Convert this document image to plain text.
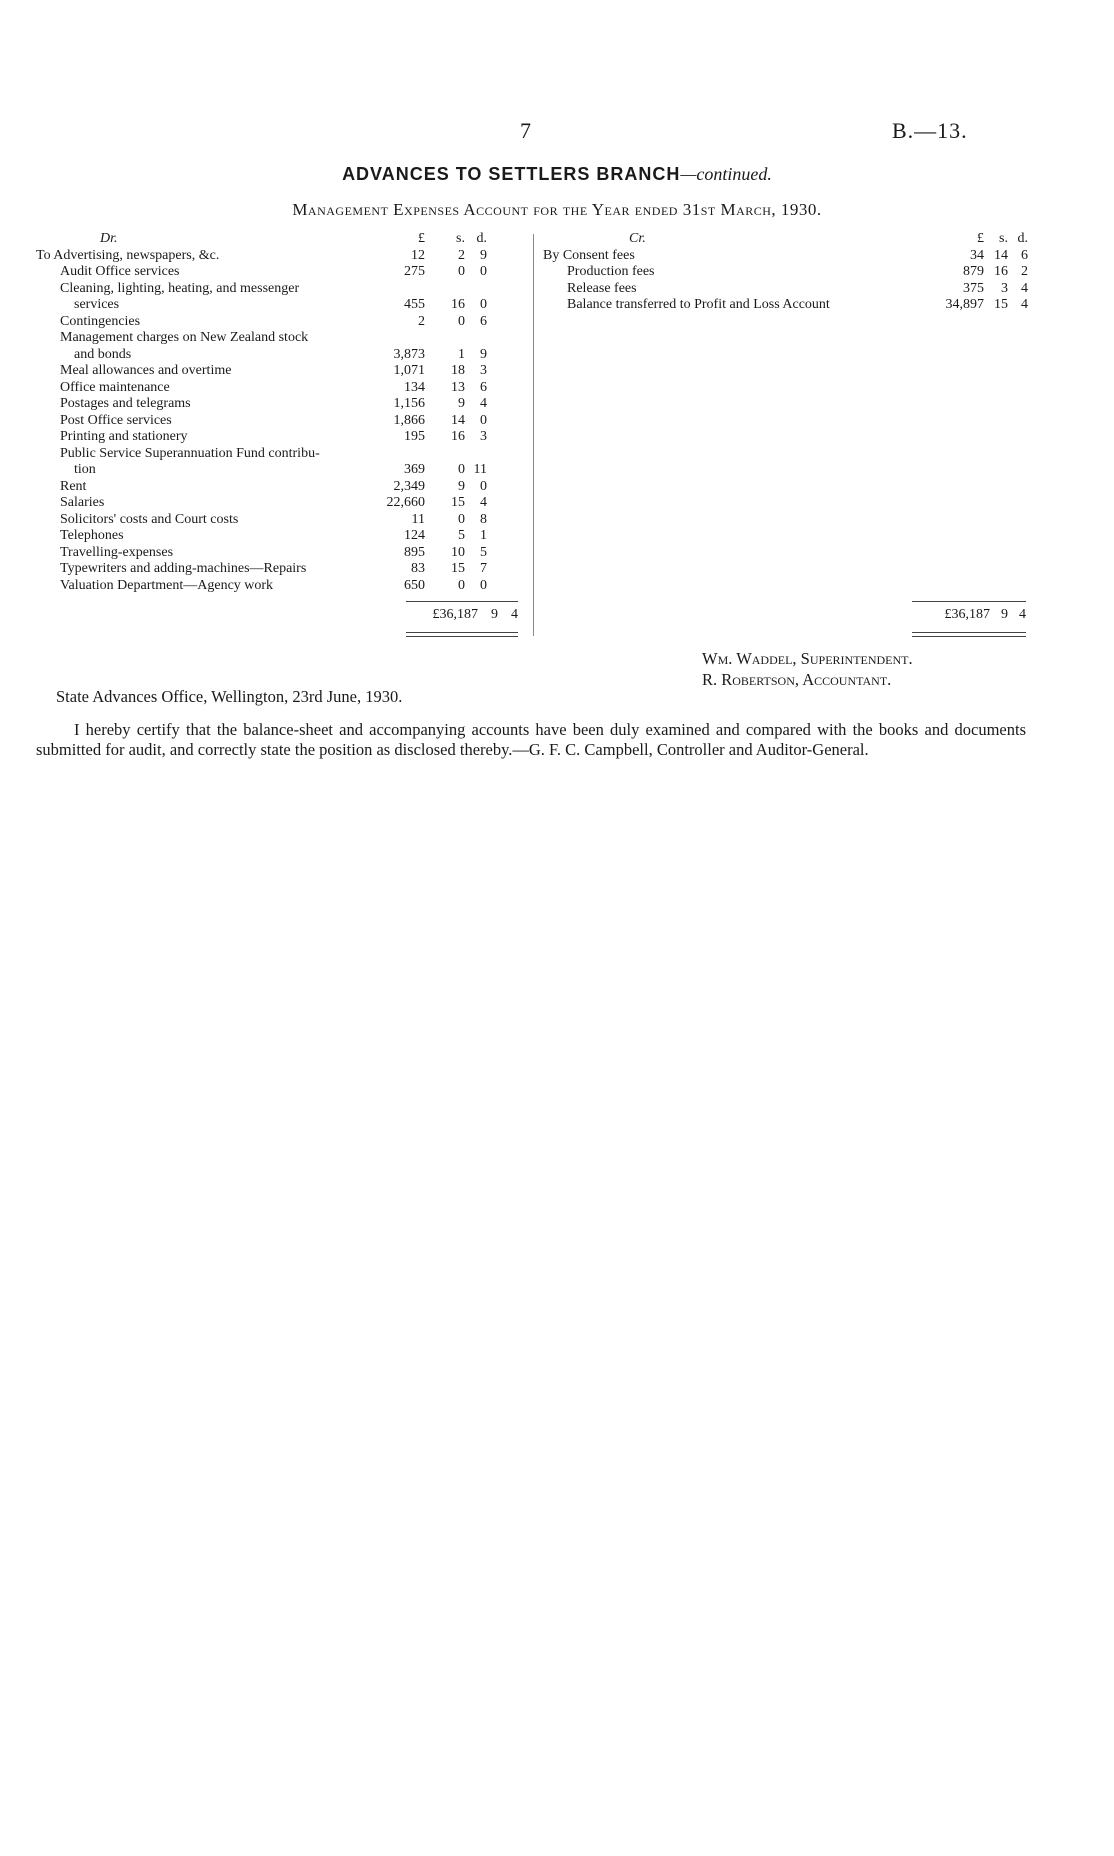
7	B.—13.
ADVANCES TO SETTLERS BRANCH—continued.
Management Expenses Account for the Year ended 31st March, 1930.
Dr.	£	s. d.
To Advertising, newspapers, &c.	12	2	9
Audit Office services	275	0	0
Cleaning, lighting, heating, and messenger
services	455	16	0
Contingencies	2	0	6
Management charges on New Zealand stock
and bonds	3,873	1	9
Meal allowances and overtime	1,071	18	3
Office maintenance	134	13	6
Postages and telegrams	1,156	9	4
Post Office services	1,866	14	0
Printing and stationery	195	16	3
Public Service Superannuation Fund contribu-
tion	369	0 11
Rent	2,349	9	0
Salaries	22,660	15	4
Solicitors' costs and Court costs	11	0	8
Telephones	124	5	1
Travelling-expenses	895	10	5
Typewriters and adding-machines—Repairs	83	15	7
Valuation Department—Agency work	650	0	0
Cr.	£	s. d.
By Consent fees	34 14 6
Production fees	879 16 2
Release fees	375	3 4
Balance transferred to Profit and Loss Account	34,897 15 4
£36,187 9 4	£36,187 9 4
Wm. Waddel, Superintendent.
R. Robertson, Accountant.
State Advances Office, Wellington, 23rd June, 1930.
I hereby certify that the balance-sheet and accompanying accounts have been duly examined and compared with the books and documents submitted for audit, and correctly state the position as disclosed thereby.—G. F. C. Campbell, Controller and Auditor-General.
